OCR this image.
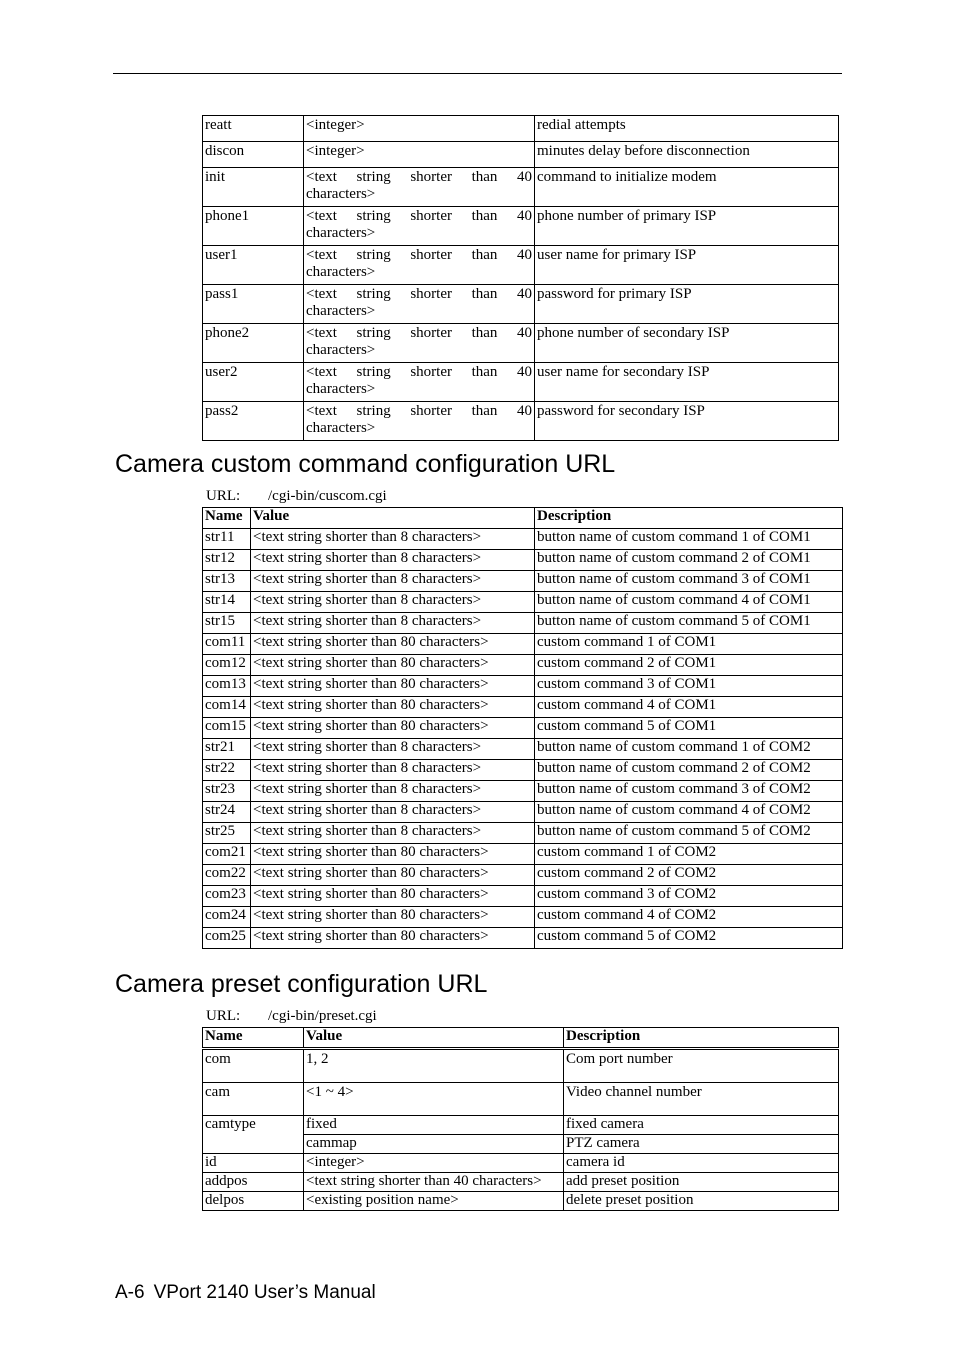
reatt	<integer>	redial attempts
discon	<integer>	minutes delay before disconnection
init	<text string shorter than 40 characters>	command to initialize modem
phone1	<text string shorter than 40 characters>	phone number of primary ISP
user1	<text string shorter than 40 characters>	user name for primary ISP
pass1	<text string shorter than 40 characters>	password for primary ISP
phone2	<text string shorter than 40 characters>	phone number of secondary ISP
user2	<text string shorter than 40 characters>	user name for secondary ISP
pass2	<text string shorter than 40 characters>	password for secondary ISP
Camera custom command configuration URL
URL: /cgi-bin/cuscom.cgi
Name	Value	Description
str11	<text string shorter than 8 characters>	button name of custom command 1 of COM1
str12	<text string shorter than 8 characters>	button name of custom command 2 of COM1
str13	<text string shorter than 8 characters>	button name of custom command 3 of COM1
str14	<text string shorter than 8 characters>	button name of custom command 4 of COM1
str15	<text string shorter than 8 characters>	button name of custom command 5 of COM1
com11	<text string shorter than 80 characters>	custom command 1 of COM1
com12	<text string shorter than 80 characters>	custom command 2 of COM1
com13	<text string shorter than 80 characters>	custom command 3 of COM1
com14	<text string shorter than 80 characters>	custom command 4 of COM1
com15	<text string shorter than 80 characters>	custom command 5 of COM1
str21	<text string shorter than 8 characters>	button name of custom command 1 of COM2
str22	<text string shorter than 8 characters>	button name of custom command 2 of COM2
str23	<text string shorter than 8 characters>	button name of custom command 3 of COM2
str24	<text string shorter than 8 characters>	button name of custom command 4 of COM2
str25	<text string shorter than 8 characters>	button name of custom command 5 of COM2
com21	<text string shorter than 80 characters>	custom command 1 of COM2
com22	<text string shorter than 80 characters>	custom command 2 of COM2
com23	<text string shorter than 80 characters>	custom command 3 of COM2
com24	<text string shorter than 80 characters>	custom command 4 of COM2
com25	<text string shorter than 80 characters>	custom command 5 of COM2
Camera preset configuration URL
URL: /cgi-bin/preset.cgi
Name	Value	Description
com	1, 2	Com port number
cam	<1 ~ 4>	Video channel number
camtype	fixed	fixed camera
	cammap	PTZ camera
id	<integer>	camera id
addpos	<text string shorter than 40 characters>	add preset position
delpos	<existing position name>	delete preset position
A-6 VPort 2140 User’s Manual
